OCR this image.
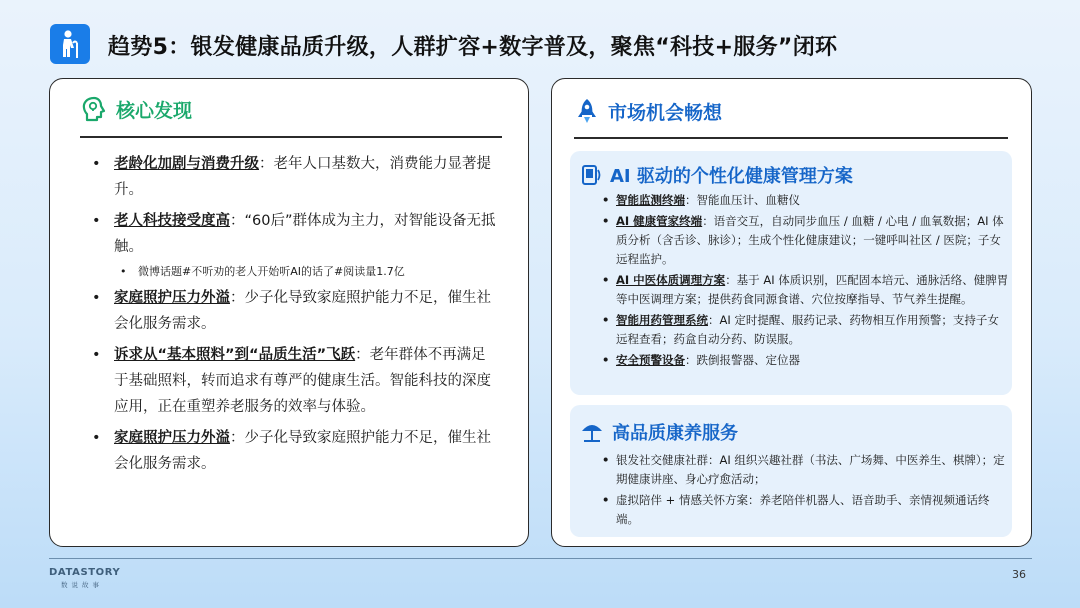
趋势5：银发健康品质升级，人群扩容+数字普及，聚焦“科技+服务”闭环
核心发现
• 老龄化加剧与消费升级：老年人口基数大，消费能力显著提升。
• 老人科技接受度高：“60后”群体成为主力，对智能设备无抵触。
• 微博话题#不听劝的老人开始听AI的话了#阅读量1.7亿
• 家庭照护压力外溢：少子化导致家庭照护能力不足，催生社会化服务需求。
• 诉求从“基本照料”到“品质生活”飞跃：老年群体不再满足于基础照料，转而追求有尊严的健康生活。智能科技的深度应用，正在重塑养老服务的效率与体验。
• 家庭照护压力外溢：少子化导致家庭照护能力不足，催生社会化服务需求。
市场机会畅想
AI 驱动的个性化健康管理方案
• 智能监测终端：智能血压计、血糖仪
• AI 健康管家终端：语音交互，自动同步血压 / 血糖 / 心电 / 血氧数据；AI 体质分析（含舌诊、脉诊）；生成个性化健康建议；一键呼叫社区 / 医院；子女远程监护。
• AI 中医体质调理方案：基于 AI 体质识别，匹配固本培元、通脉活络、健脾胃等中医调理方案；提供药食同源食谱、穴位按摩指导、节气养生提醒。
• 智能用药管理系统：AI 定时提醒、服药记录、药物相互作用预警；支持子女远程查看；药盒自动分药、防误服。
• 安全预警设备：跌倒报警器、定位器
高品质康养服务
• 银发社交健康社群：AI 组织兴趣社群（书法、广场舞、中医养生、棋牌）；定期健康讲座、身心疗愈活动；
• 虚拟陪伴 + 情感关怀方案：养老陪伴机器人、语音助手、亲情视频通话终端。
DATASTORY
数说故事
36
